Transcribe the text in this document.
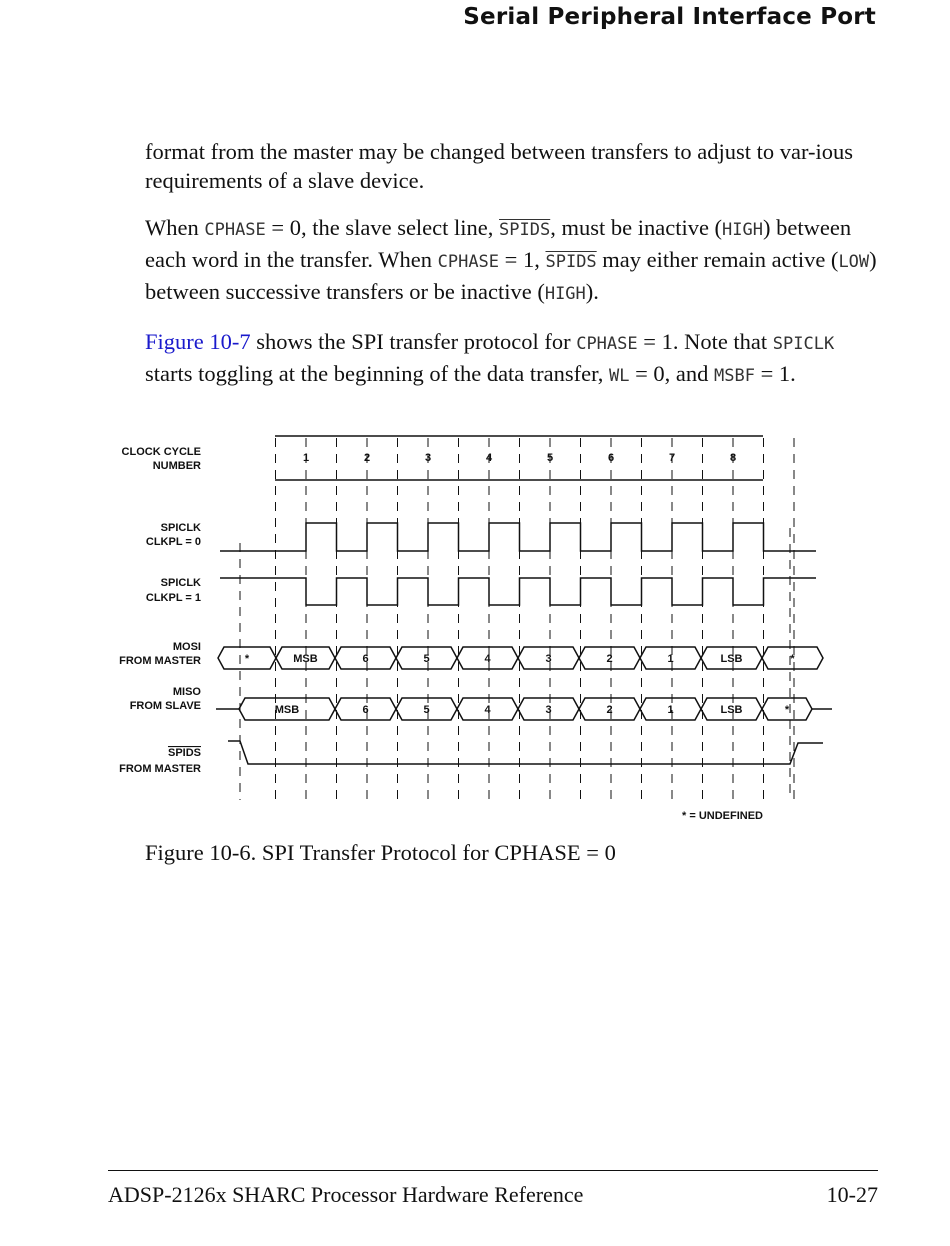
Serial Peripheral Interface Port

format from the master may be changed between transfers to adjust to var-ious requirements of a slave device.

When CPHASE = 0, the slave select line, SPIDS, must be inactive (HIGH) between each word in the transfer. When CPHASE = 1, SPIDS may either remain active (LOW) between successive transfers or be inactive (HIGH).

Figure 10-7 shows the SPI transfer protocol for CPHASE = 1. Note that SPICLK starts toggling at the beginning of the data transfer, WL = 0, and MSBF = 1.

CLOCK CYCLE
NUMBER
SPICLK
CLKPL = 0
SPICLK
CLKPL = 1
MOSI
FROM MASTER
MISO
FROM SLAVE
SPIDS
FROM MASTER
* = UNDEFINED
1	2	3	4	5	6	7	8
*	MSB	6	5	4	3	2	1	LSB	*
MSB	6	5	4	3	2	1	LSB	*
Figure 10-6. SPI Transfer Protocol for CPHASE = 0
ADSP-2126x SHARC Processor Hardware Reference	10-27
